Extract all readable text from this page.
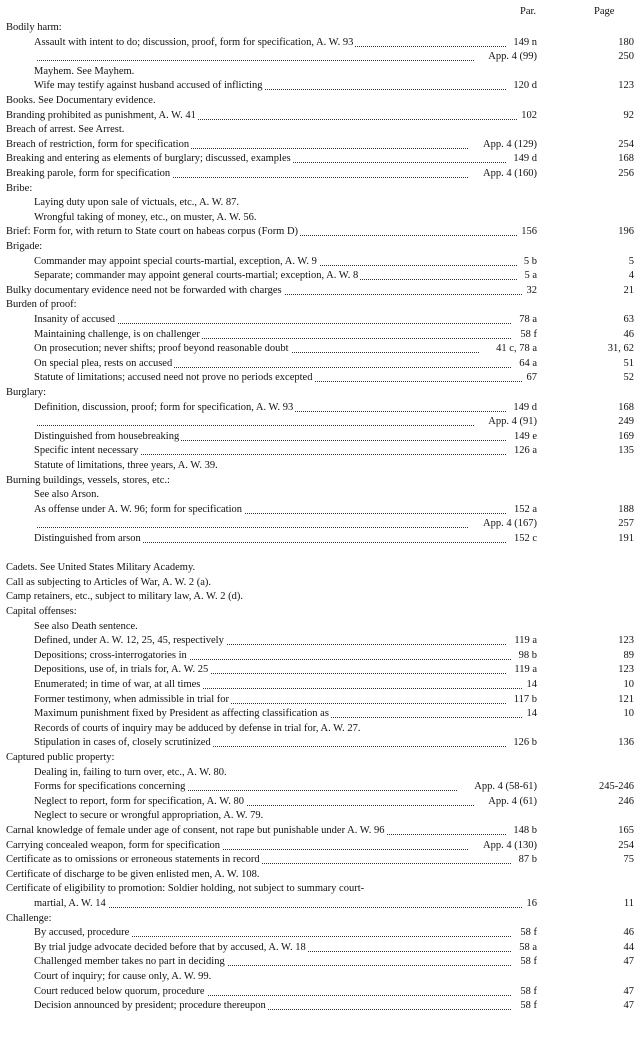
Par.	Page
Bodily harm:
Assault with intent to do; discussion, proof, form for specification, A. W. 93	149 n	180
App. 4 (99)	250
Mayhem. See Mayhem.
Wife may testify against husband accused of inflicting	120 d	123
Books. See Documentary evidence.
Branding prohibited as punishment, A. W. 41	102	92
Breach of arrest. See Arrest.
Breach of restriction, form for specification	App. 4 (129)	254
Breaking and entering as elements of burglary; discussed, examples	149 d	168
Breaking parole, form for specification	App. 4 (160)	256
Bribe:
Laying duty upon sale of victuals, etc., A. W. 87.
Wrongful taking of money, etc., on muster, A. W. 56.
Brief: Form for, with return to State court on habeas corpus (Form D)	156	196
Brigade:
Commander may appoint special courts-martial, exception, A. W. 9	5 b	5
Separate; commander may appoint general courts-martial; exception, A. W. 8	5 a	4
Bulky documentary evidence need not be forwarded with charges	32	21
Burden of proof:
Insanity of accused	78 a	63
Maintaining challenge, is on challenger	58 f	46
On prosecution; never shifts; proof beyond reasonable doubt	41 c, 78 a	31, 62
On special plea, rests on accused	64 a	51
Statute of limitations; accused need not prove no periods excepted	67	52
Burglary:
Definition, discussion, proof; form for specification, A. W. 93	149 d	168
App. 4 (91)	249
Distinguished from housebreaking	149 e	169
Specific intent necessary	126 a	135
Statute of limitations, three years, A. W. 39.
Burning buildings, vessels, stores, etc.:
See also Arson.
As offense under A. W. 96; form for specification	152 a	188
App. 4 (167)	257
Distinguished from arson	152 c	191
Cadets. See United States Military Academy.
Call as subjecting to Articles of War, A. W. 2 (a).
Camp retainers, etc., subject to military law, A. W. 2 (d).
Capital offenses:
See also Death sentence.
Defined, under A. W. 12, 25, 45, respectively	119 a	123
Depositions; cross-interrogatories in	98 b	89
Depositions, use of, in trials for, A. W. 25	119 a	123
Enumerated; in time of war, at all times	14	10
Former testimony, when admissible in trial for	117 b	121
Maximum punishment fixed by President as affecting classification as	14	10
Records of courts of inquiry may be adduced by defense in trial for, A. W. 27.
Stipulation in cases of, closely scrutinized	126 b	136
Captured public property:
Dealing in, failing to turn over, etc., A. W. 80.
Forms for specifications concerning	App. 4 (58-61)	245-246
Neglect to report, form for specification, A. W. 80	App. 4 (61)	246
Neglect to secure or wrongful appropriation, A. W. 79.
Carnal knowledge of female under age of consent, not rape but punishable under A. W. 96	148 b	165
Carrying concealed weapon, form for specification	App. 4 (130)	254
Certificate as to omissions or erroneous statements in record	87 b	75
Certificate of discharge to be given enlisted men, A. W. 108.
Certificate of eligibility to promotion: Soldier holding, not subject to summary court-
martial, A. W. 14	16	11
Challenge:
By accused, procedure	58 f	46
By trial judge advocate decided before that by accused, A. W. 18	58 a	44
Challenged member takes no part in deciding	58 f	47
Court of inquiry; for cause only, A. W. 99.
Court reduced below quorum, procedure	58 f	47
Decision announced by president; procedure thereupon	58 f	47
